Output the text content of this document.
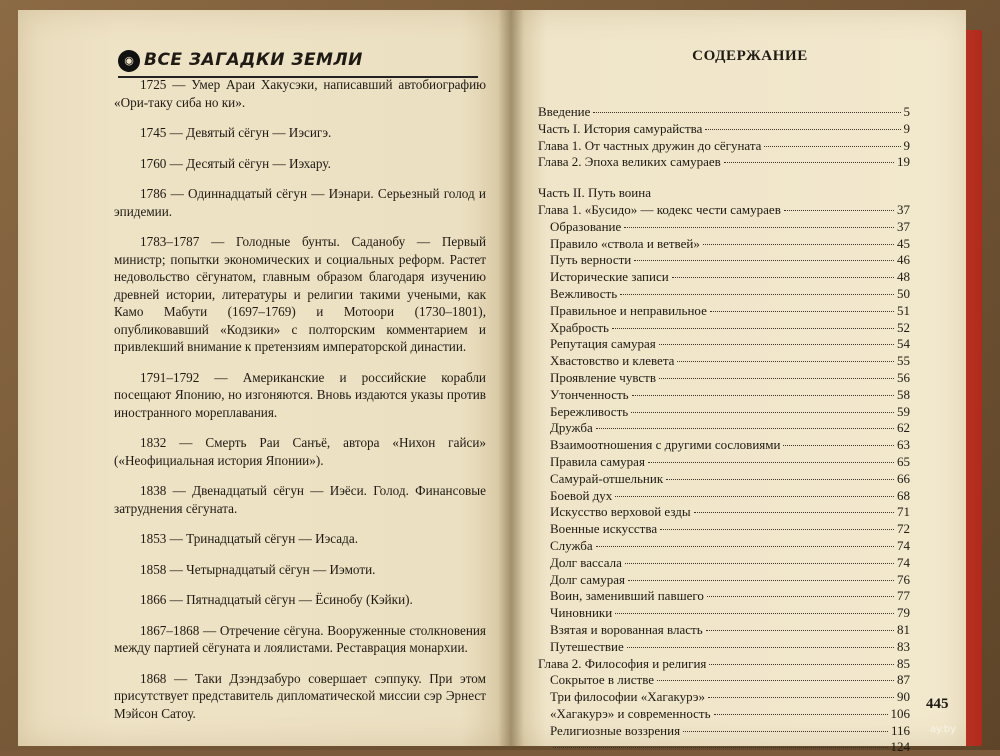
◉ ВСЕ ЗАГАДКИ ЗЕМЛИ

1725 — Умер Араи Хакусэки, написавший автобиографию «Ори-таку сиба но ки».

1745 — Девятый сёгун — Иэсигэ.

1760 — Десятый сёгун — Иэхару.

1786 — Одиннадцатый сёгун — Иэнари. Серьезный голод и эпидемии.

1783–1787 — Голодные бунты. Саданобу — Первый министр; попытки экономических и социальных реформ. Растет недовольство сёгунатом, главным образом благодаря изучению древней истории, литературы и религии такими учеными, как Камо Мабути (1697–1769) и Мотоори (1730–1801), опубликовавший «Кодзики» с полторским комментарием и привлекший внимание к претензиям императорской династии.

1791–1792 — Американские и российские корабли посещают Японию, но изгоняются. Вновь издаются указы против иностранного мореплавания.

1832 — Смерть Раи Санъё, автора «Нихон гайси» («Неофициальная история Японии»).

1838 — Двенадцатый сёгун — Иэёси. Голод. Финансовые затруднения сёгуната.

1853 — Тринадцатый сёгун — Иэсада.

1858 — Четырнадцатый сёгун — Иэмоти.

1866 — Пятнадцатый сёгун — Ёсинобу (Кэйки).

1867–1868 — Отречение сёгуна. Вооруженные столкновения между партией сёгуната и лоялистами. Реставрация монархии.

1868 — Таки Дзэндзабуро совершает сэппуку. При этом присутствует представитель дипломатической миссии сэр Эрнест Мэйсон Сатоу.

СОДЕРЖАНИЕ
Введение	5
Часть I. История самурайства	9
Глава 1. От частных дружин до сёгуната	9
Глава 2. Эпоха великих самураев	19
Часть II. Путь воина
Глава 1. «Бусидо» — кодекс чести самураев	37
Образование	37
Правило «ствола и ветвей»	45
Путь верности	46
Исторические записи	48
Вежливость	50
Правильное и неправильное	51
Храбрость	52
Репутация самурая	54
Хвастовство и клевета	55
Проявление чувств	56
Утонченность	58
Бережливость	59
Дружба	62
Взаимоотношения с другими сословиями	63
Правила самурая	65
Самурай-отшельник	66
Боевой дух	68
Искусство верховой езды	71
Военные искусства	72
Служба	74
Долг вассала	74
Долг самурая	76
Воин, заменивший павшего	77
Чиновники	79
Взятая и ворованная власть	81
Путешествие	83
Глава 2. Философия и религия	85
Сокрытое в листве	87
Три философии «Хагакурэ»	90
«Хагакурэ» и современность	106
Религиозные воззрения	116
124
445
ay.by
